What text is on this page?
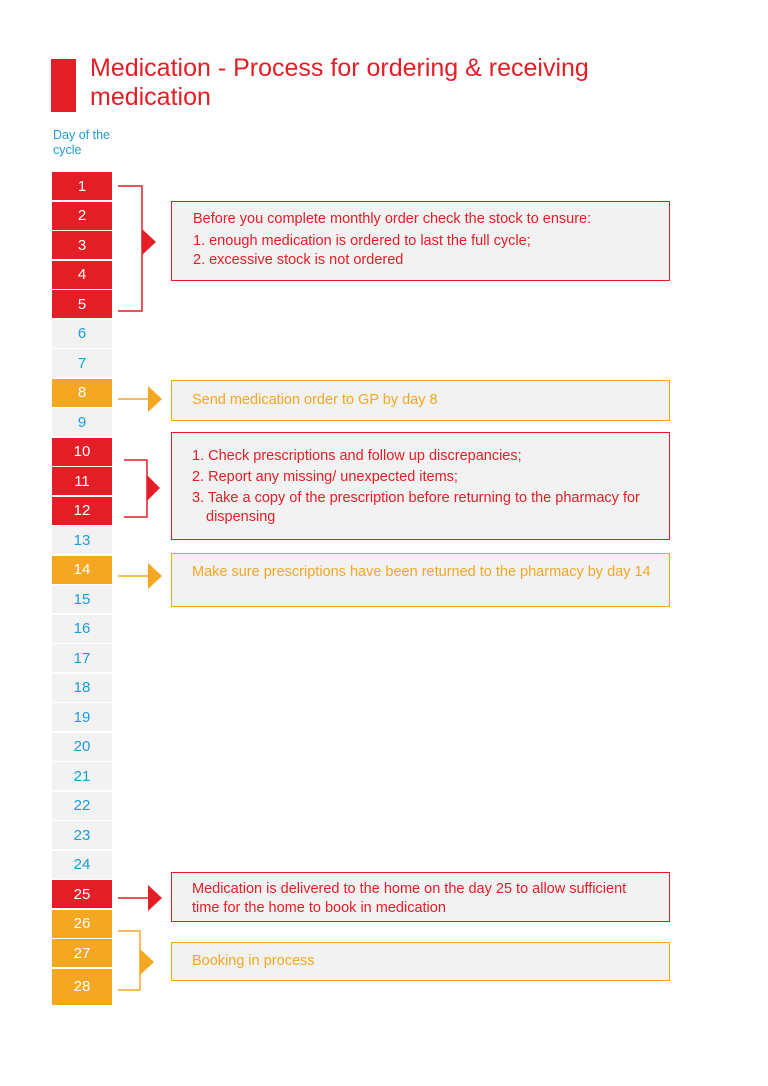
Medication - Process for ordering & receiving medication
Day of the cycle
1
2
3
4
5
6
7
8
9
10
11
12
13
14
15
16
17
18
19
20
21
22
23
24
25
26
27
28

Before you complete monthly order check the stock to ensure:

1. enough medication is ordered to last the full cycle;
2. excessive stock is not ordered

Send medication order to GP by day 8

1. Check prescriptions and follow up discrepancies;
2. Report any missing/ unexpected items;
3. Take a copy of the prescription before returning to the pharmacy for dispensing

Make sure prescriptions have been returned to the pharmacy by day 14

Medication is delivered to the home on the day 25 to allow sufficient time for the home to book in medication

Booking in process
